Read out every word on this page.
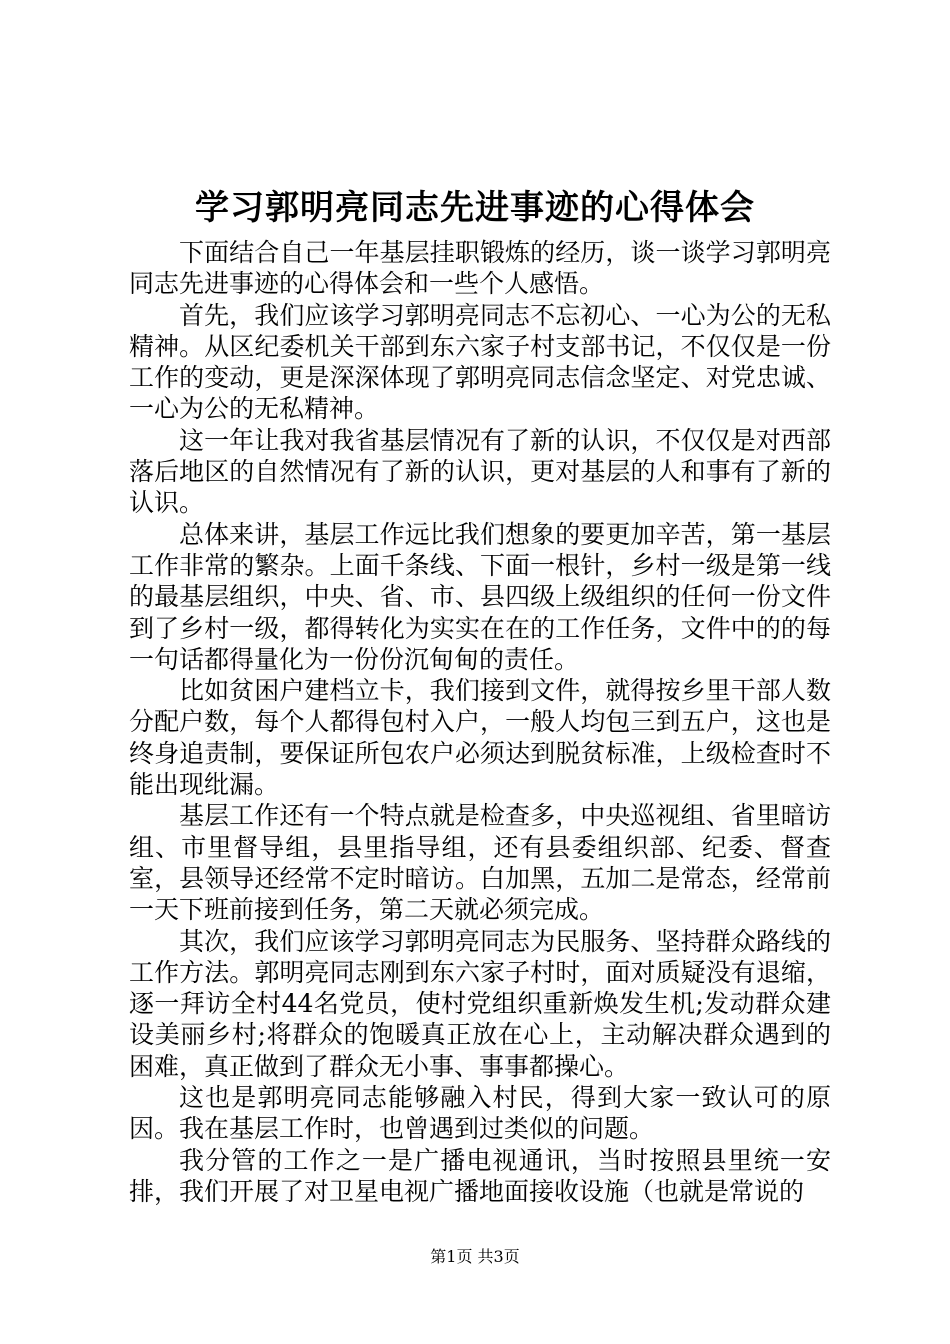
学习郭明亮同志先进事迹的心得体会

下面结合自己一年基层挂职锻炼的经历，谈一谈学习郭明亮同志先进事迹的心得体会和一些个人感悟。

首先，我们应该学习郭明亮同志不忘初心、一心为公的无私精神。从区纪委机关干部到东六家子村支部书记，不仅仅是一份工作的变动，更是深深体现了郭明亮同志信念坚定、对党忠诚、一心为公的无私精神。

这一年让我对我省基层情况有了新的认识，不仅仅是对西部落后地区的自然情况有了新的认识，更对基层的人和事有了新的认识。

总体来讲，基层工作远比我们想象的要更加辛苦，第一基层工作非常的繁杂。上面千条线、下面一根针，乡村一级是第一线的最基层组织，中央、省、市、县四级上级组织的任何一份文件到了乡村一级，都得转化为实实在在的工作任务，文件中的的每一句话都得量化为一份份沉甸甸的责任。

比如贫困户建档立卡，我们接到文件，就得按乡里干部人数分配户数，每个人都得包村入户，一般人均包三到五户，这也是终身追责制，要保证所包农户必须达到脱贫标准，上级检查时不能出现纰漏。

基层工作还有一个特点就是检查多，中央巡视组、省里暗访组、市里督导组，县里指导组，还有县委组织部、纪委、督查室，县领导还经常不定时暗访。白加黑，五加二是常态，经常前一天下班前接到任务，第二天就必须完成。

其次，我们应该学习郭明亮同志为民服务、坚持群众路线的工作方法。郭明亮同志刚到东六家子村时，面对质疑没有退缩，逐一拜访全村44名党员，使村党组织重新焕发生机;发动群众建设美丽乡村;将群众的饱暖真正放在心上，主动解决群众遇到的困难，真正做到了群众无小事、事事都操心。

这也是郭明亮同志能够融入村民，得到大家一致认可的原因。我在基层工作时，也曾遇到过类似的问题。

我分管的工作之一是广播电视通讯，当时按照县里统一安排，我们开展了对卫星电视广播地面接收设施（也就是常说的

第1页 共3页
